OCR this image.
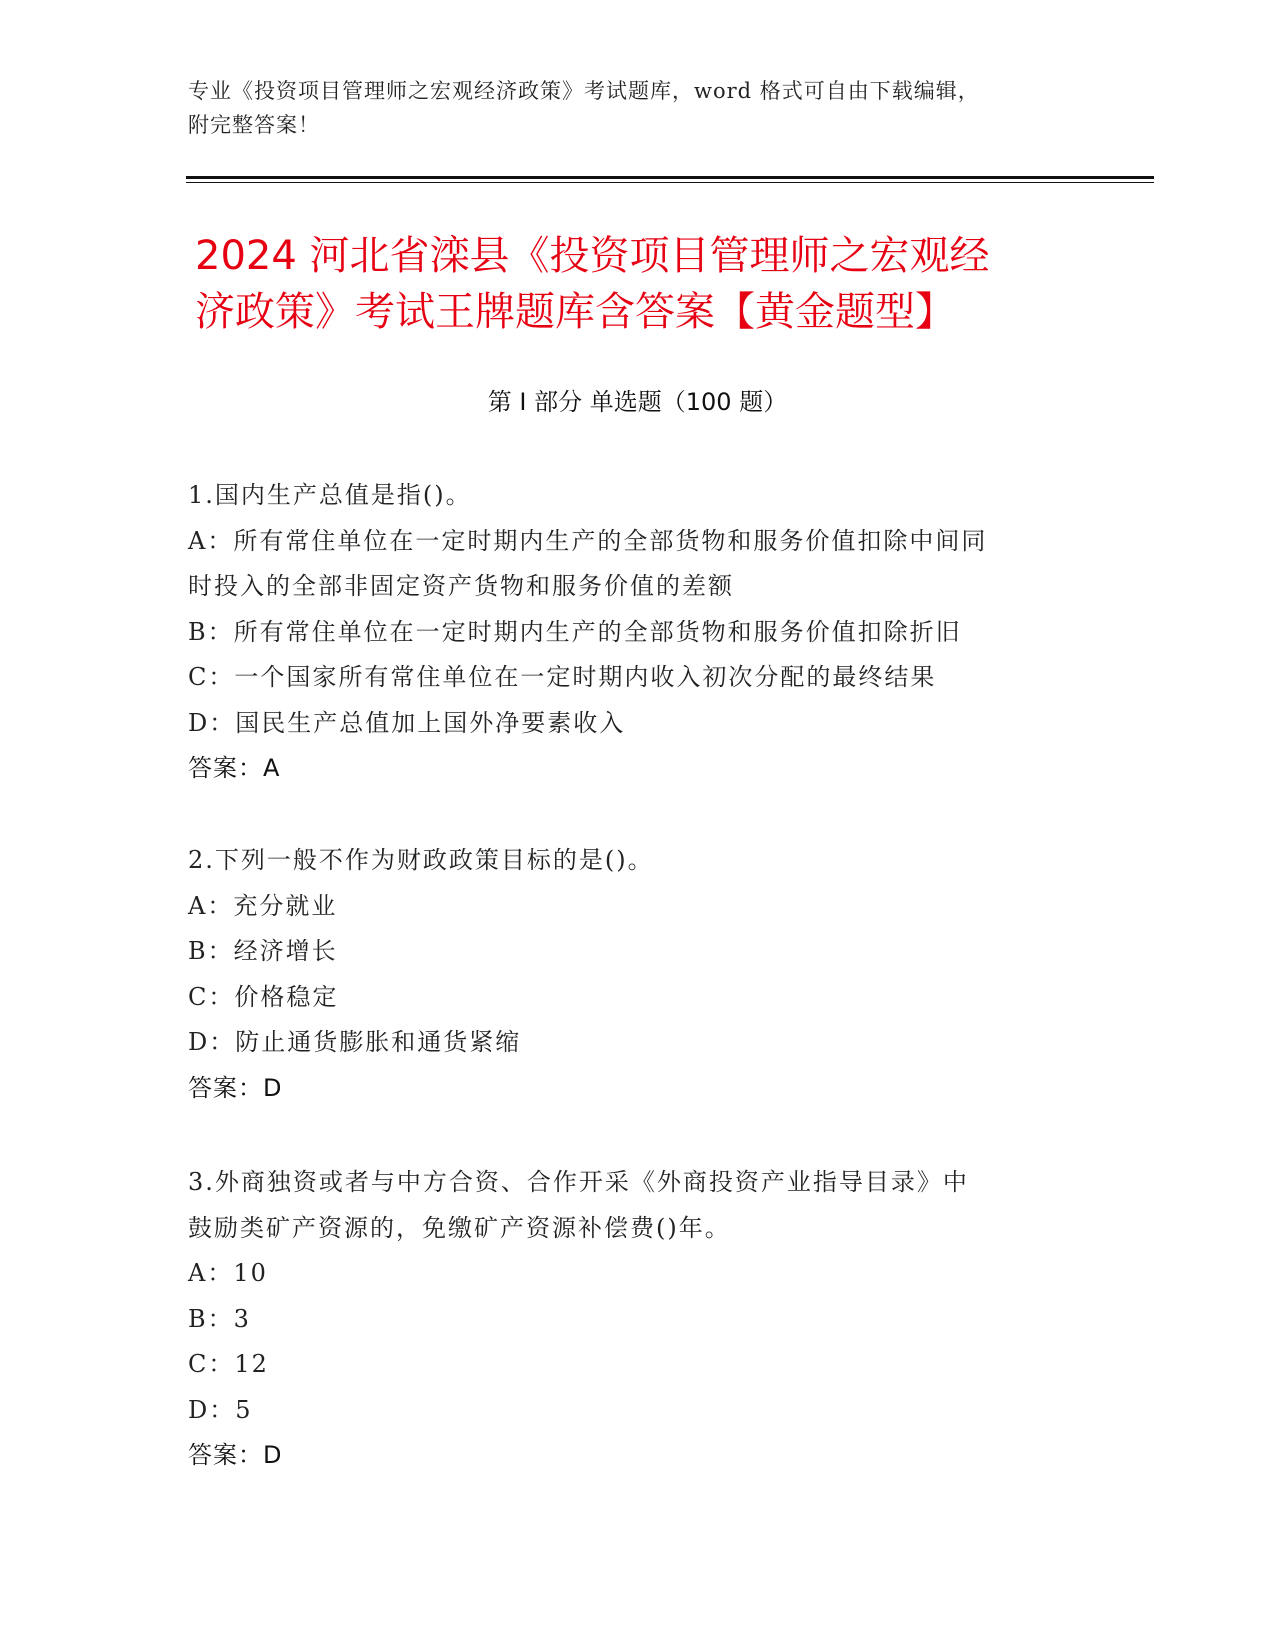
专业《投资项目管理师之宏观经济政策》考试题库，word 格式可自由下载编辑，
附完整答案！
2024 河北省滦县《投资项目管理师之宏观经
济政策》考试王牌题库含答案【黄金题型】
第 I 部分 单选题（100 题）

1.国内生产总值是指()。

A：所有常住单位在一定时期内生产的全部货物和服务价值扣除中间同

时投入的全部非固定资产货物和服务价值的差额

B：所有常住单位在一定时期内生产的全部货物和服务价值扣除折旧

C：一个国家所有常住单位在一定时期内收入初次分配的最终结果

D：国民生产总值加上国外净要素收入

答案：A

2.下列一般不作为财政政策目标的是()。

A：充分就业

B：经济增长

C：价格稳定

D：防止通货膨胀和通货紧缩

答案：D

3.外商独资或者与中方合资、合作开采《外商投资产业指导目录》中

鼓励类矿产资源的，免缴矿产资源补偿费()年。

A：10

B：3

C：12

D：5

答案：D
